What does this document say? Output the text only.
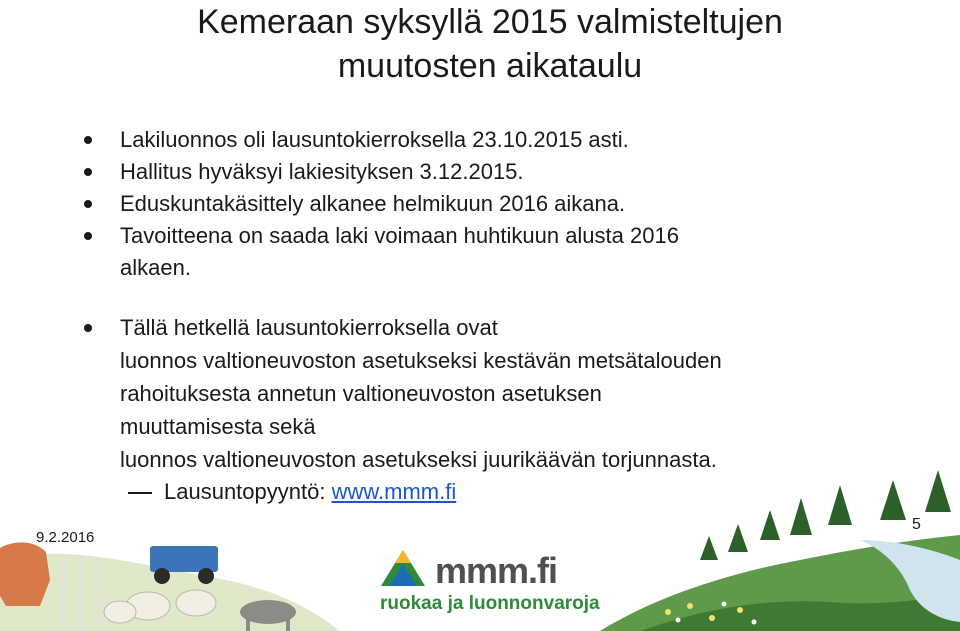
Kemeraan syksyllä 2015 valmisteltujen
muutosten aikataulu
Lakiluonnos oli lausuntokierroksella 23.10.2015 asti.
Hallitus hyväksyi lakiesityksen 3.12.2015.
Eduskuntakäsittely alkanee helmikuun 2016 aikana.
Tavoitteena on saada laki voimaan huhtikuun alusta 2016
alkaen.
Tällä hetkellä lausuntokierroksella ovat
luonnos valtioneuvoston asetukseksi kestävän metsätalouden
rahoituksesta annetun valtioneuvoston asetuksen
muuttamisesta sekä
luonnos valtioneuvoston asetukseksi juurikäävän torjunnasta.
Lausuntopyyntö: www.mmm.fi
9.2.2016
5
mmm.fi
ruokaa ja luonnonvaroja
